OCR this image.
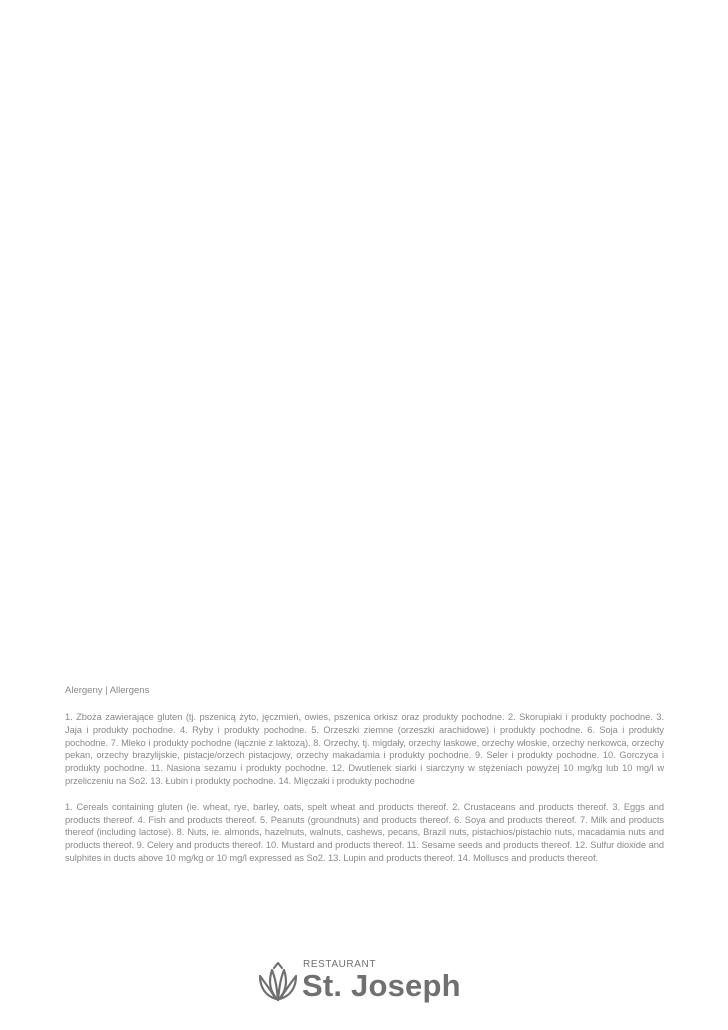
Alergeny | Allergens

1. Zboża zawierające gluten (tj. pszenicą żyto, jęczmień, owies, pszenica orkisz oraz produkty pochodne. 2. Skorupiaki i produkty pochodne. 3. Jaja i produkty pochodne. 4. Ryby i produkty pochodne. 5. Orzeszki ziemne (orzeszki arachidowe) i produkty pochodne. 6. Soja i produkty pochodne. 7. Mleko i produkty pochodne (łącznie z laktozą). 8. Orzechy, tj. migdały, orzechy laskowe, orzechy włoskie, orzechy nerkowca, orzechy pekan, orzechy brazylijskie, pistacje/orzech pistacjowy, orzechy makadamia i produkty pochodne. 9. Seler i produkty pochodne. 10. Gorczyca i produkty pochodne. 11. Nasiona sezamu i produkty pochodne. 12. Dwutlenek siarki i siarczyny w stężeniach powyżej 10 mg/kg lub 10 mg/l w przeliczeniu na So2. 13. Łubin i produkty pochodne. 14. Mięczaki i produkty pochodne

1. Cereals containing gluten (ie. wheat, rye, barley, oats, spelt wheat and products thereof. 2. Crustaceans and products thereof. 3. Eggs and products thereof. 4. Fish and products thereof. 5. Peanuts (groundnuts) and products thereof. 6. Soya and products thereof. 7. Milk and products thereof (including lactose). 8. Nuts, ie. almonds, hazelnuts, walnuts, cashews, pecans, Brazil nuts, pistachios/pistachio nuts, macadamia nuts and products thereof. 9. Celery and products thereof. 10. Mustard and products thereof. 11. Sesame seeds and products thereof. 12. Sulfur dioxide and sulphites in ducts above 10 mg/kg or 10 mg/l expressed as So2. 13. Lupin and products thereof. 14. Molluscs and products thereof.

RESTAURANT
St. Joseph
